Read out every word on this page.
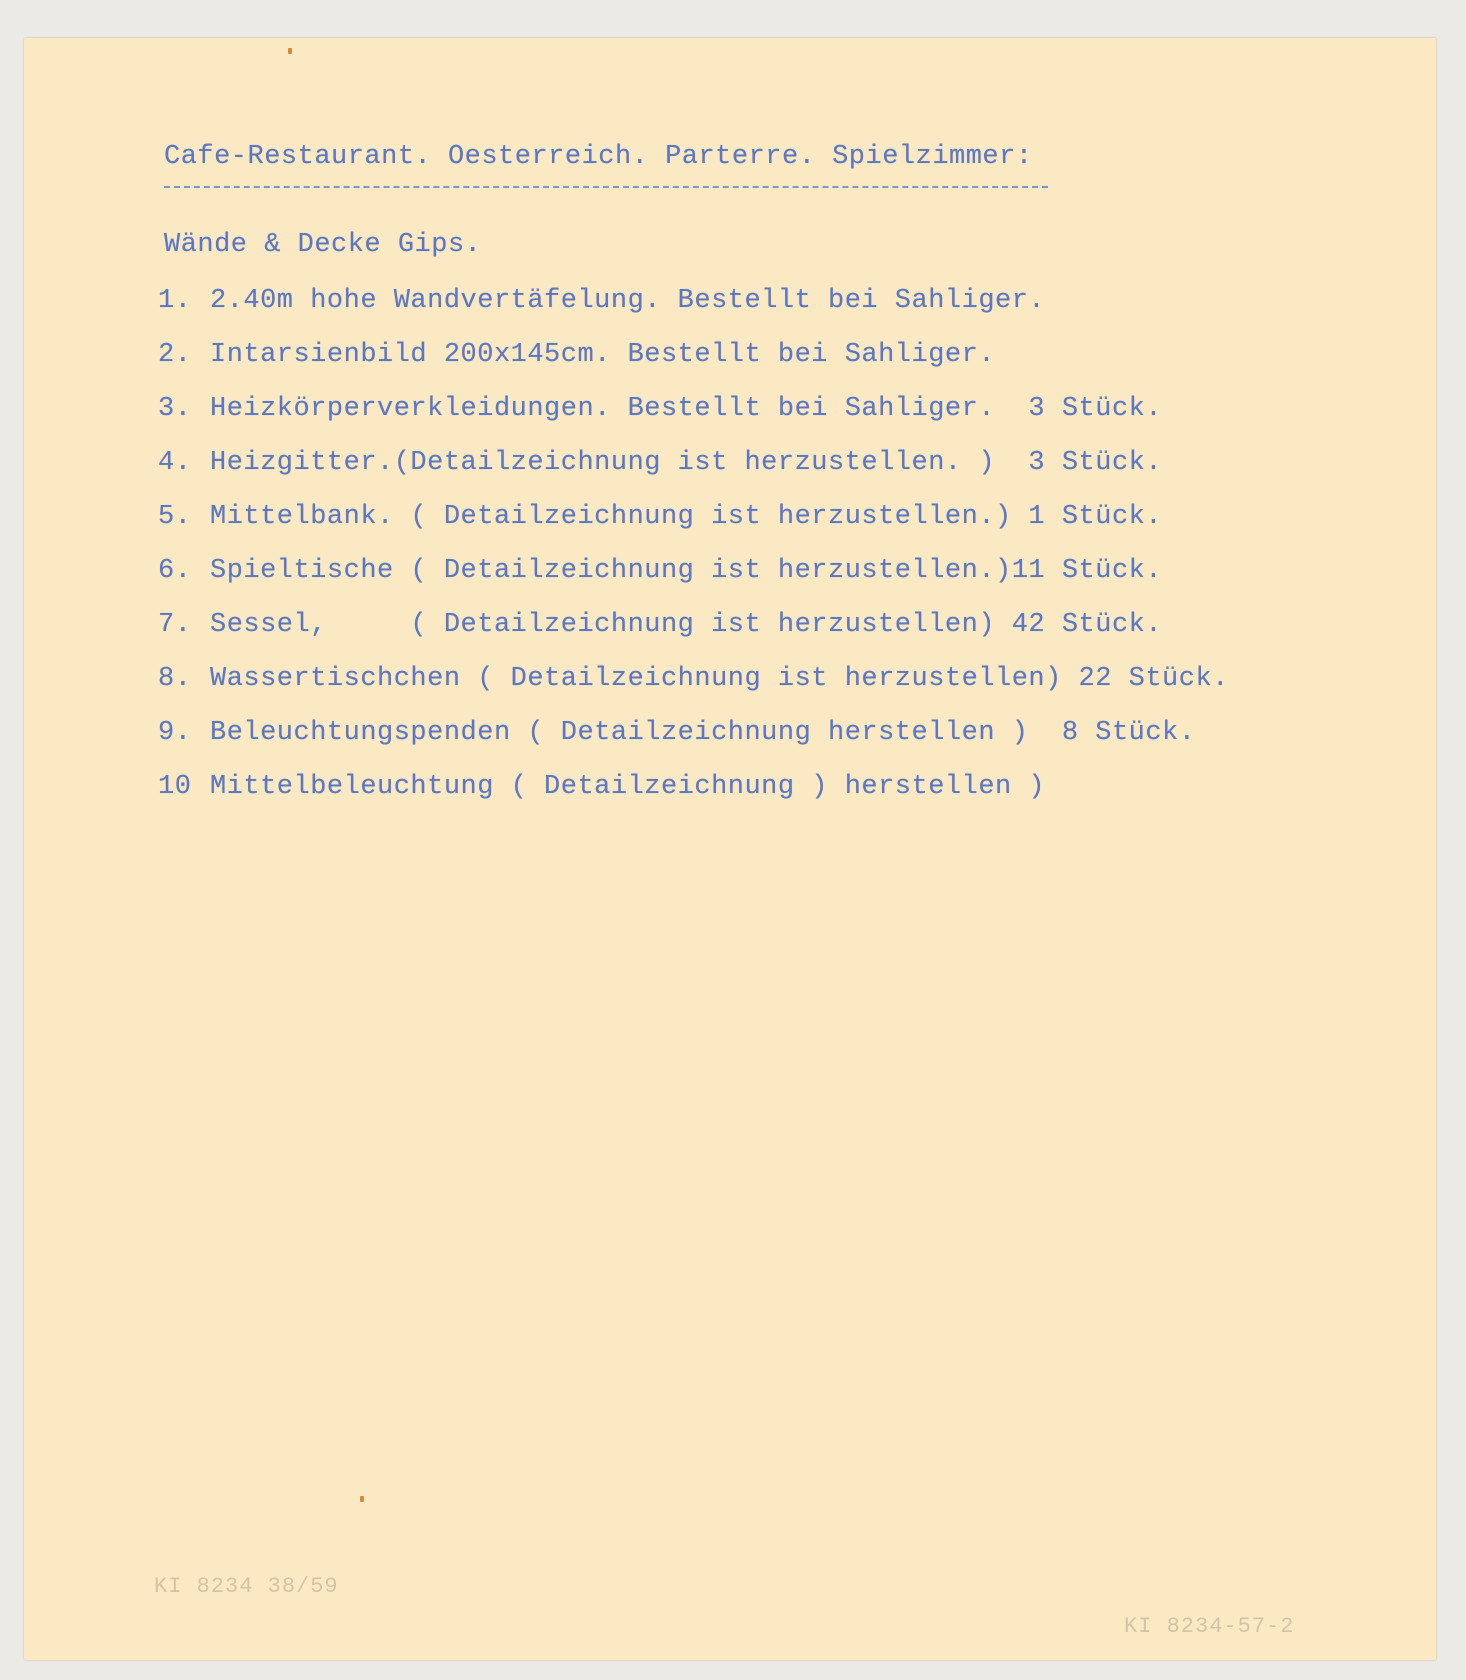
Cafe-Restaurant. Oesterreich. Parterre. Spielzimmer:
Wände & Decke Gips.
1. 2.40m hohe Wandvertäfelung. Bestellt bei Sahliger.
2. Intarsienbild 200x145cm. Bestellt bei Sahliger.
3. Heizkörperverkleidungen. Bestellt bei Sahliger.  3 Stück.
4. Heizgitter.(Detailzeichnung ist herzustellen. )  3 Stück.
5. Mittelbank. ( Detailzeichnung ist herzustellen.) 1 Stück.
6. Spieltische ( Detailzeichnung ist herzustellen.)11 Stück.
7. Sessel,     ( Detailzeichnung ist herzustellen) 42 Stück.
8. Wassertischchen ( Detailzeichnung ist herzustellen) 22 Stück.
9. Beleuchtungspenden ( Detailzeichnung herstellen )  8 Stück.
10 Mittelbeleuchtung ( Detailzeichnung ) herstellen )
KI 8234 38/59
KI 8234-57-2
